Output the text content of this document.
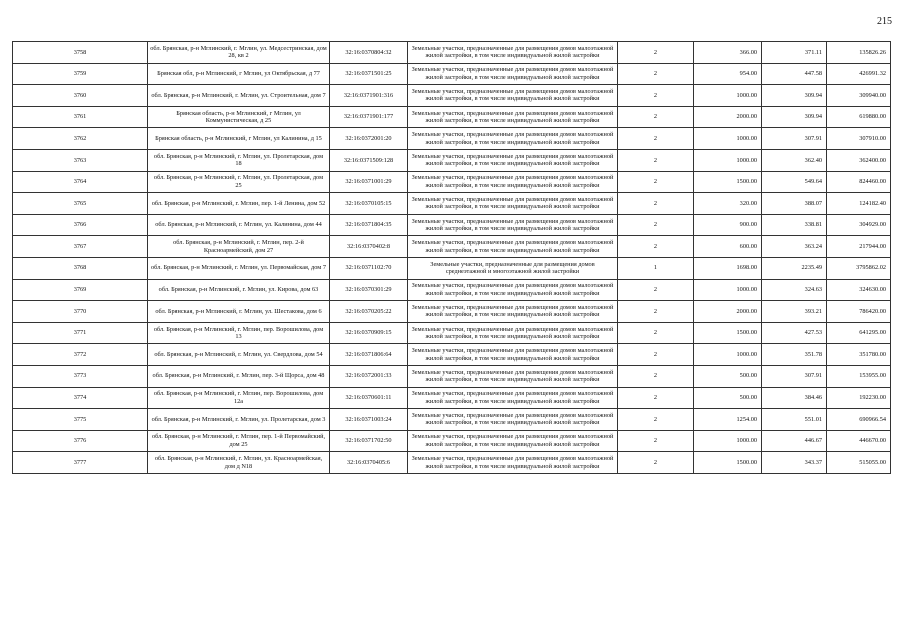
215
3758	обл. Брянская, р-н Мглинский, г. Мглин, ул. Медсестринская, дом 28, кв 2	32:16:0370804:32	Земельные участки, предназначенные для размещения домов малоэтажной жилой застройки, в том числе индивидуальной жилой застройки	2	366.00	371.11	135826.26
3759	Брянская обл, р-н Мглинский, г Мглин, ул Октябрьская, д 77	32:16:0371501:25	Земельные участки, предназначенные для размещения домов малоэтажной жилой застройки, в том числе индивидуальной жилой застройки	2	954.00	447.58	426991.32
3760	обл. Брянская, р-н Мглинский, г. Мглин, ул. Строительная, дом 7	32:16:0371901:316	Земельные участки, предназначенные для размещения домов малоэтажной жилой застройки, в том числе индивидуальной жилой застройки	2	1000.00	309.94	309940.00
3761	Брянская область, р-н Мглинский, г Мглин, ул Коммунистическая, д 25	32:16:0371901:177	Земельные участки, предназначенные для размещения домов малоэтажной жилой застройки, в том числе индивидуальной жилой застройки	2	2000.00	309.94	619880.00
3762	Брянская область, р-н Мглинский, г Мглин, ул Калинина, д 15	32:16:0372001:20	Земельные участки, предназначенные для размещения домов малоэтажной жилой застройки, в том числе индивидуальной жилой застройки	2	1000.00	307.91	307910.00
3763	обл. Брянская, р-н Мглинский, г. Мглин, ул. Пролетарская, дом 18	32:16:0371509:128	Земельные участки, предназначенные для размещения домов малоэтажной жилой застройки, в том числе индивидуальной жилой застройки	2	1000.00	362.40	362400.00
3764	обл. Брянская, р-н Мглинский, г. Мглин, ул. Пролетарская, дом 25	32:16:0371001:29	Земельные участки, предназначенные для размещения домов малоэтажной жилой застройки, в том числе индивидуальной жилой застройки	2	1500.00	549.64	824460.00
3765	обл. Брянская, р-н Мглинский, г. Мглин, пер. 1-й Ленина, дом 52	32:16:0370105:15	Земельные участки, предназначенные для размещения домов малоэтажной жилой застройки, в том числе индивидуальной жилой застройки	2	320.00	388.07	124182.40
3766	обл. Брянская, р-н Мглинский, г. Мглин, ул. Калинина, дом 44	32:16:0371804:35	Земельные участки, предназначенные для размещения домов малоэтажной жилой застройки, в том числе индивидуальной жилой застройки	2	900.00	338.81	304929.00
3767	обл. Брянская, р-н Мглинский, г. Мглин, пер. 2-й Красноармейский, дом 27	32:16:0370402:8	Земельные участки, предназначенные для размещения домов малоэтажной жилой застройки, в том числе индивидуальной жилой застройки	2	600.00	363.24	217944.00
3768	обл. Брянская, р-н Мглинский, г. Мглин, ул. Первомайская, дом 7	32:16:0371102:70	Земельные участки, предназначенные для размещения домов среднеэтажной и многоэтажной жилой застройки	1	1698.00	2235.49	3795862.02
3769	обл. Брянская, р-н Мглинский, г. Мглин, ул. Кирова, дом 63	32:16:0370301:29	Земельные участки, предназначенные для размещения домов малоэтажной жилой застройки, в том числе индивидуальной жилой застройки	2	1000.00	324.63	324630.00
3770	обл. Брянская, р-н Мглинский, г. Мглин, ул. Шестакова, дом 6	32:16:0370205:22	Земельные участки, предназначенные для размещения домов малоэтажной жилой застройки, в том числе индивидуальной жилой застройки	2	2000.00	393.21	786420.00
3771	обл. Брянская, р-н Мглинский, г. Мглин, пер. Ворошилова, дом 13	32:16:0370909:15	Земельные участки, предназначенные для размещения домов малоэтажной жилой застройки, в том числе индивидуальной жилой застройки	2	1500.00	427.53	641295.00
3772	обл. Брянская, р-н Мглинский, г. Мглин, ул. Свердлова, дом 54	32:16:0371806:64	Земельные участки, предназначенные для размещения домов малоэтажной жилой застройки, в том числе индивидуальной жилой застройки	2	1000.00	351.78	351780.00
3773	обл. Брянская, р-н Мглинский, г. Мглин, пер. 3-й Щорса, дом 48	32:16:0372001:33	Земельные участки, предназначенные для размещения домов малоэтажной жилой застройки, в том числе индивидуальной жилой застройки	2	500.00	307.91	153955.00
3774	обл. Брянская, р-н Мглинский, г. Мглин, пер. Ворошилова, дом 12а	32:16:0370601:11	Земельные участки, предназначенные для размещения домов малоэтажной жилой застройки, в том числе индивидуальной жилой застройки	2	500.00	384.46	192230.00
3775	обл. Брянская, р-н Мглинский, г. Мглин, ул. Пролетарская, дом 3	32:16:0371003:24	Земельные участки, предназначенные для размещения домов малоэтажной жилой застройки, в том числе индивидуальной жилой застройки	2	1254.00	551.01	690966.54
3776	обл. Брянская, р-н Мглинский, г. Мглин, пер. 1-й Первомайский, дом 25	32:16:0371702:50	Земельные участки, предназначенные для размещения домов малоэтажной жилой застройки, в том числе индивидуальной жилой застройки	2	1000.00	446.67	446670.00
3777	обл. Брянская, р-н Мглинский, г. Мглин, ул. Красноармейская, дом д N18	32:16:0370405:6	Земельные участки, предназначенные для размещения домов малоэтажной жилой застройки, в том числе индивидуальной жилой застройки	2	1500.00	343.37	515055.00
